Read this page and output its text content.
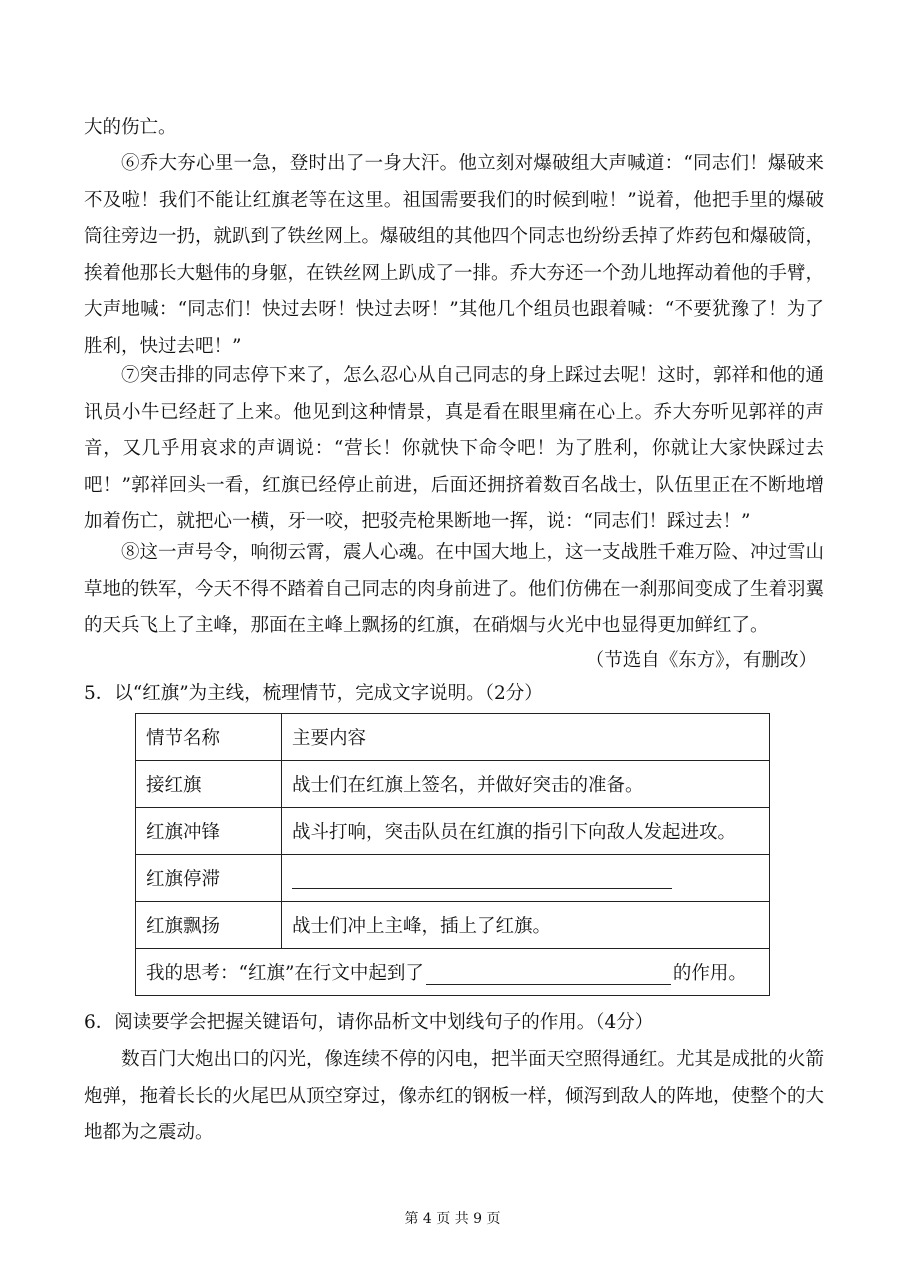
大的伤亡。

⑥乔大夯心里一急，登时出了一身大汗。他立刻对爆破组大声喊道：“同志们！爆破来不及啦！我们不能让红旗老等在这里。祖国需要我们的时候到啦！”说着，他把手里的爆破筒往旁边一扔，就趴到了铁丝网上。爆破组的其他四个同志也纷纷丢掉了炸药包和爆破筒，挨着他那长大魁伟的身躯，在铁丝网上趴成了一排。乔大夯还一个劲儿地挥动着他的手臂，大声地喊：“同志们！快过去呀！快过去呀！”其他几个组员也跟着喊：“不要犹豫了！为了胜利，快过去吧！”

⑦突击排的同志停下来了，怎么忍心从自己同志的身上踩过去呢！这时，郭祥和他的通讯员小牛已经赶了上来。他见到这种情景，真是看在眼里痛在心上。乔大夯听见郭祥的声音，又几乎用哀求的声调说：“营长！你就快下命令吧！为了胜利，你就让大家快踩过去吧！”郭祥回头一看，红旗已经停止前进，后面还拥挤着数百名战士，队伍里正在不断地增加着伤亡，就把心一横，牙一咬，把驳壳枪果断地一挥，说：“同志们！踩过去！”

⑧这一声号令，响彻云霄，震人心魂。在中国大地上，这一支战胜千难万险、冲过雪山草地的铁军，今天不得不踏着自己同志的肉身前进了。他们仿佛在一刹那间变成了生着羽翼的天兵飞上了主峰，那面在主峰上飘扬的红旗，在硝烟与火光中也显得更加鲜红了。

（节选自《东方》，有删改）
5．以“红旗”为主线，梳理情节，完成文字说明。（2分）
情节名称	主要内容
接红旗	战士们在红旗上签名，并做好突击的准备。
红旗冲锋	战斗打响，突击队员在红旗的指引下向敌人发起进攻。
红旗停滞	
红旗飘扬	战士们冲上主峰，插上了红旗。
我的思考：“红旗”在行文中起到了 的作用。	
6．阅读要学会把握关键语句，请你品析文中划线句子的作用。（4分）

数百门大炮出口的闪光，像连续不停的闪电，把半面天空照得通红。尤其是成批的火箭炮弹，拖着长长的火尾巴从顶空穿过，像赤红的钢板一样，倾泻到敌人的阵地，使整个的大地都为之震动。

第 4 页 共 9 页
